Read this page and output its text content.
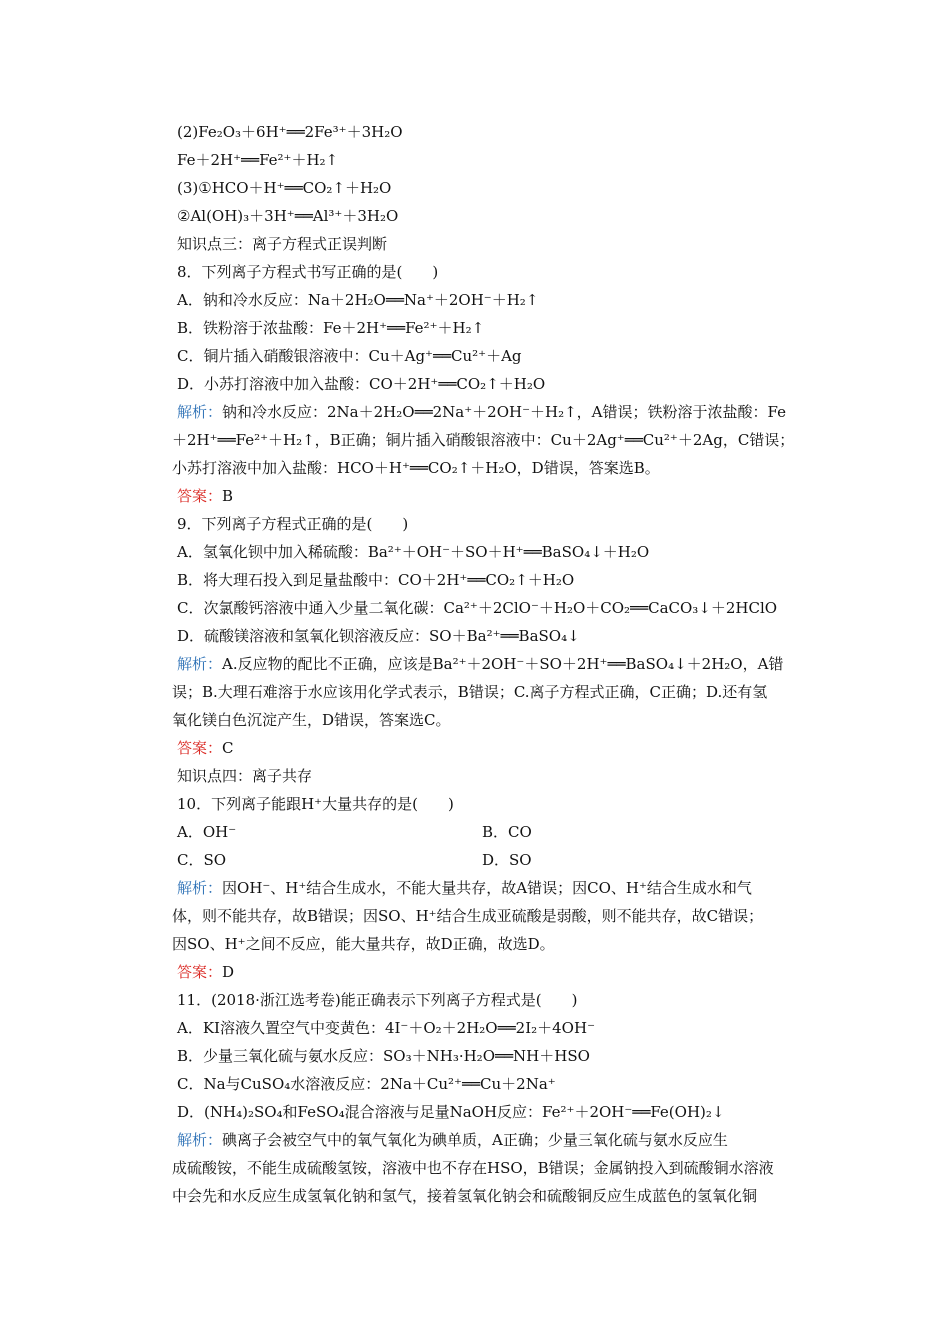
(2)Fe₂O₃＋6H⁺══2Fe³⁺＋3H₂O
Fe＋2H⁺══Fe²⁺＋H₂↑
(3)①HCO＋H⁺══CO₂↑＋H₂O
②Al(OH)₃＋3H⁺══Al³⁺＋3H₂O
知识点三：离子方程式正误判断
8．下列离子方程式书写正确的是(　　)
A．钠和冷水反应：Na＋2H₂O══Na⁺＋2OH⁻＋H₂↑
B．铁粉溶于浓盐酸：Fe＋2H⁺══Fe²⁺＋H₂↑
C．铜片插入硝酸银溶液中：Cu＋Ag⁺══Cu²⁺＋Ag
D．小苏打溶液中加入盐酸：CO＋2H⁺══CO₂↑＋H₂O
解析：钠和冷水反应：2Na＋2H₂O══2Na⁺＋2OH⁻＋H₂↑，A错误；铁粉溶于浓盐酸：Fe
＋2H⁺══Fe²⁺＋H₂↑，B正确；铜片插入硝酸银溶液中：Cu＋2Ag⁺══Cu²⁺＋2Ag，C错误；
小苏打溶液中加入盐酸：HCO＋H⁺══CO₂↑＋H₂O，D错误，答案选B。
答案：B
9．下列离子方程式正确的是(　　)
A．氢氧化钡中加入稀硫酸：Ba²⁺＋OH⁻＋SO＋H⁺══BaSO₄↓＋H₂O
B．将大理石投入到足量盐酸中：CO＋2H⁺══CO₂↑＋H₂O
C．次氯酸钙溶液中通入少量二氧化碳：Ca²⁺＋2ClO⁻＋H₂O＋CO₂══CaCO₃↓＋2HClO
D．硫酸镁溶液和氢氧化钡溶液反应：SO＋Ba²⁺══BaSO₄↓
解析：A.反应物的配比不正确，应该是Ba²⁺＋2OH⁻＋SO＋2H⁺══BaSO₄↓＋2H₂O，A错
误；B.大理石难溶于水应该用化学式表示，B错误；C.离子方程式正确，C正确；D.还有氢
氧化镁白色沉淀产生，D错误，答案选C。
答案：C
知识点四：离子共存
10．下列离子能跟H⁺大量共存的是(　　)
A．OH⁻	B．CO
C．SO	D．SO
解析：因OH⁻、H⁺结合生成水，不能大量共存，故A错误；因CO、H⁺结合生成水和气
体，则不能共存，故B错误；因SO、H⁺结合生成亚硫酸是弱酸，则不能共存，故C错误；
因SO、H⁺之间不反应，能大量共存，故D正确，故选D。
答案：D
11．(2018·浙江选考卷)能正确表示下列离子方程式是(　　)
A．KI溶液久置空气中变黄色：4I⁻＋O₂＋2H₂O══2I₂＋4OH⁻
B．少量三氧化硫与氨水反应：SO₃＋NH₃·H₂O══NH＋HSO
C．Na与CuSO₄水溶液反应：2Na＋Cu²⁺══Cu＋2Na⁺
D．(NH₄)₂SO₄和FeSO₄混合溶液与足量NaOH反应：Fe²⁺＋2OH⁻══Fe(OH)₂↓
解析：碘离子会被空气中的氧气氧化为碘单质，A正确；少量三氧化硫与氨水反应生
成硫酸铵，不能生成硫酸氢铵，溶液中也不存在HSO，B错误；金属钠投入到硫酸铜水溶液
中会先和水反应生成氢氧化钠和氢气，接着氢氧化钠会和硫酸铜反应生成蓝色的氢氧化铜
